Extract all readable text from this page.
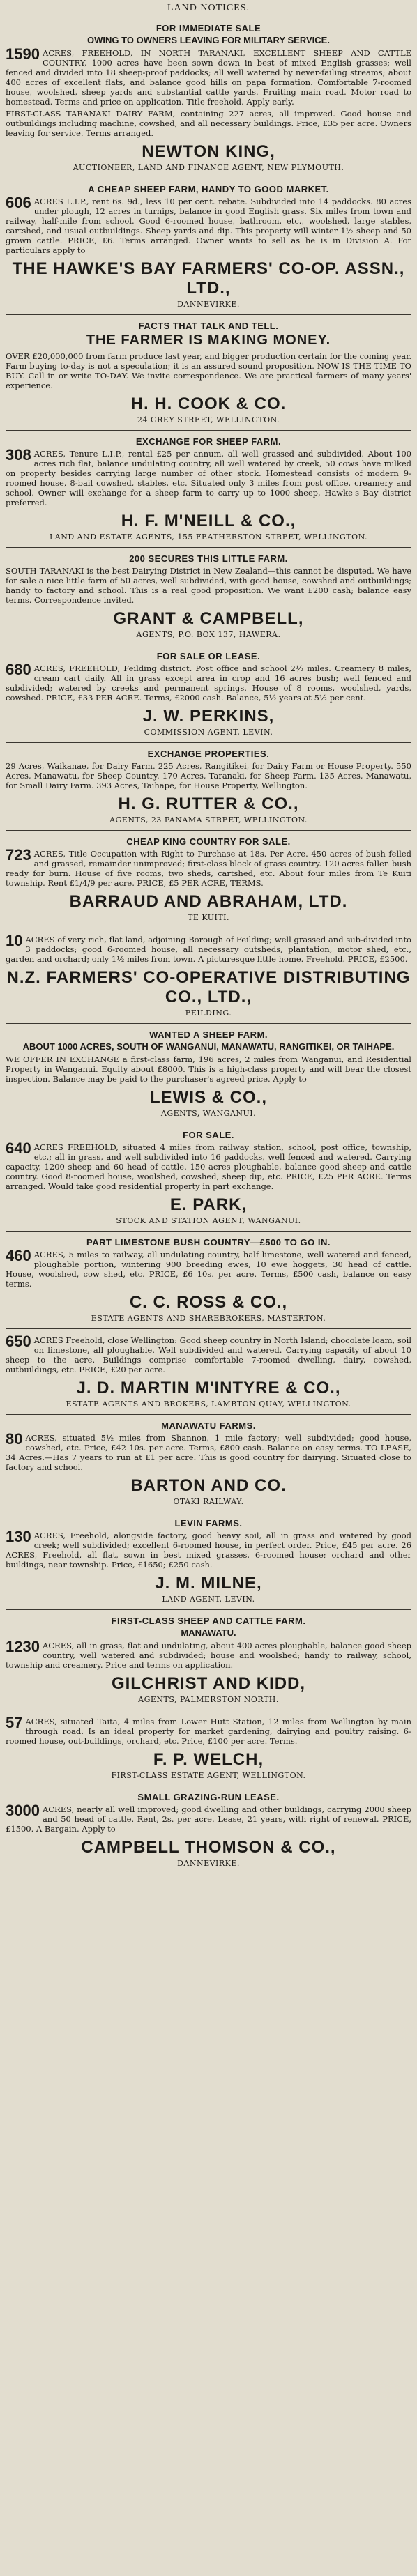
LAND NOTICES.
FOR IMMEDIATE SALE
OWING TO OWNERS LEAVING FOR MILITARY SERVICE.

1590 ACRES, FREEHOLD, IN NORTH TARANAKI, EXCELLENT SHEEP AND CATTLE COUNTRY, 1000 acres have been sown down in best of mixed English grasses; well fenced and divided into 18 sheep-proof paddocks; all well watered by never-failing streams; about 400 acres of excellent flats, and balance good hills on papa formation. Comfortable 7-roomed house, woolshed, sheep yards and substantial cattle yards. Fruiting main road. Motor road to homestead. Terms and price on application. Title freehold. Apply early.

FIRST-CLASS TARANAKI DAIRY FARM, containing 227 acres, all improved. Good house and outbuildings including machine, cowshed, and all necessary buildings. Price, £35 per acre. Owners leaving for service. Terms arranged.

NEWTON KING,
AUCTIONEER, LAND AND FINANCE AGENT, NEW PLYMOUTH.
A CHEAP SHEEP FARM, HANDY TO GOOD MARKET.

606 ACRES L.I.P., rent 6s. 9d., less 10 per cent. rebate. Subdivided into 14 paddocks. 80 acres under plough, 12 acres in turnips, balance in good English grass. Six miles from town and railway, half-mile from school. Good 6-roomed house, bathroom, etc., woolshed, large stables, cartshed, and usual outbuildings. Sheep yards and dip. This property will winter 1½ sheep and 50 grown cattle. PRICE, £6. Terms arranged. Owner wants to sell as he is in Division A. For particulars apply to

THE HAWKE'S BAY FARMERS' CO-OP. ASSN., LTD.,
DANNEVIRKE.
FACTS THAT TALK AND TELL.
THE FARMER IS MAKING MONEY.

OVER £20,000,000 from farm produce last year, and bigger production certain for the coming year. Farm buying to-day is not a speculation; it is an assured sound proposition. NOW IS THE TIME TO BUY. Call in or write TO-DAY. We invite correspondence. We are practical farmers of many years' experience.

H. H. COOK & CO.
24 GREY STREET, WELLINGTON.
EXCHANGE FOR SHEEP FARM.

308 ACRES, Tenure L.I.P., rental £25 per annum, all well grassed and subdivided. About 100 acres rich flat, balance undulating country, all well watered by creek, 50 cows have milked on property besides carrying large number of other stock. Homestead consists of modern 9-roomed house, 8-bail cowshed, stables, etc. Situated only 3 miles from post office, creamery and school. Owner will exchange for a sheep farm to carry up to 1000 sheep, Hawke's Bay district preferred.

H. F. M'NEILL & CO.,
LAND AND ESTATE AGENTS, 155 FEATHERSTON STREET, WELLINGTON.
200 SECURES THIS LITTLE FARM.

SOUTH TARANAKI is the best Dairying District in New Zealand—this cannot be disputed. We have for sale a nice little farm of 50 acres, well subdivided, with good house, cowshed and outbuildings; handy to factory and school. This is a real good proposition. We want £200 cash; balance easy terms. Correspondence invited.

GRANT & CAMPBELL,
AGENTS, P.O. BOX 137, HAWERA.
FOR SALE OR LEASE.

680 ACRES, FREEHOLD, Feilding district. Post office and school 2½ miles. Creamery 8 miles, cream cart daily. All in grass except area in crop and 16 acres bush; well fenced and subdivided; watered by creeks and permanent springs. House of 8 rooms, woolshed, yards, cowshed. PRICE, £33 PER ACRE. Terms, £2000 cash. Balance, 5½ years at 5½ per cent.

J. W. PERKINS,
COMMISSION AGENT, LEVIN.
EXCHANGE PROPERTIES.

29 Acres, Waikanae, for Dairy Farm. 225 Acres, Rangitikei, for Dairy Farm or House Property. 550 Acres, Manawatu, for Sheep Country. 170 Acres, Taranaki, for Sheep Farm. 135 Acres, Manawatu, for Small Dairy Farm. 393 Acres, Taihape, for House Property, Wellington.

H. G. RUTTER & CO.,
AGENTS, 23 PANAMA STREET, WELLINGTON.
CHEAP KING COUNTRY FOR SALE.

723 ACRES, Title Occupation with Right to Purchase at 18s. Per Acre. 450 acres of bush felled and grassed, remainder unimproved; first-class block of grass country. 120 acres fallen bush ready for burn. House of five rooms, two sheds, cartshed, etc. About four miles from Te Kuiti township. Rent £1/4/9 per acre. PRICE, £5 PER ACRE, TERMS.

BARRAUD AND ABRAHAM, LTD.
TE KUITI.

10 ACRES of very rich, flat land, adjoining Borough of Feilding; well grassed and sub-divided into 3 paddocks; good 6-roomed house, all necessary outsheds, plantation, motor shed, etc., garden and orchard; only 1½ miles from town. A picturesque little home. Freehold. PRICE, £2500.

N.Z. FARMERS' CO-OPERATIVE DISTRIBUTING CO., LTD.,
FEILDING.
WANTED A SHEEP FARM.
ABOUT 1000 ACRES, SOUTH OF WANGANUI, MANAWATU, RANGITIKEI, OR TAIHAPE.

WE OFFER IN EXCHANGE a first-class farm, 196 acres, 2 miles from Wanganui, and Residential Property in Wanganui. Equity about £8000. This is a high-class property and will bear the closest inspection. Balance may be paid to the purchaser's agreed price. Apply to

LEWIS & CO.,
AGENTS, WANGANUI.
FOR SALE.

640 ACRES FREEHOLD, situated 4 miles from railway station, school, post office, township, etc.; all in grass, and well subdivided into 16 paddocks, well fenced and watered. Carrying capacity, 1200 sheep and 60 head of cattle. 150 acres ploughable, balance good sheep and cattle country. Good 8-roomed house, woolshed, cowshed, sheep dip, etc. PRICE, £25 PER ACRE. Terms arranged. Would take good residential property in part exchange.

E. PARK,
STOCK AND STATION AGENT, WANGANUI.
PART LIMESTONE BUSH COUNTRY—£500 TO GO IN.

460 ACRES, 5 miles to railway, all undulating country, half limestone, well watered and fenced, ploughable portion, wintering 900 breeding ewes, 10 ewe hoggets, 30 head of cattle. House, woolshed, cow shed, etc. PRICE, £6 10s. per acre. Terms, £500 cash, balance on easy terms.

C. C. ROSS & CO.,
ESTATE AGENTS AND SHAREBROKERS, MASTERTON.

650 ACRES Freehold, close Wellington: Good sheep country in North Island; chocolate loam, soil on limestone, all ploughable. Well subdivided and watered. Carrying capacity of about 10 sheep to the acre. Buildings comprise comfortable 7-roomed dwelling, dairy, cowshed, outbuildings, etc. PRICE, £20 per acre.

J. D. MARTIN M'INTYRE & CO.,
ESTATE AGENTS AND BROKERS, LAMBTON QUAY, WELLINGTON.
MANAWATU FARMS.

80 ACRES, situated 5½ miles from Shannon, 1 mile factory; well subdivided; good house, cowshed, etc. Price, £42 10s. per acre. Terms, £800 cash. Balance on easy terms. TO LEASE, 34 Acres.—Has 7 years to run at £1 per acre. This is good country for dairying. Situated close to factory and school.

BARTON AND CO.
OTAKI RAILWAY.
LEVIN FARMS.

130 ACRES, Freehold, alongside factory, good heavy soil, all in grass and watered by good creek; well subdivided; excellent 6-roomed house, in perfect order. Price, £45 per acre. 26 ACRES, Freehold, all flat, sown in best mixed grasses, 6-roomed house; orchard and other buildings, near township. Price, £1650; £250 cash.

J. M. MILNE,
LAND AGENT, LEVIN.
FIRST-CLASS SHEEP AND CATTLE FARM.
MANAWATU.

1230 ACRES, all in grass, flat and undulating, about 400 acres ploughable, balance good sheep country, well watered and subdivided; house and woolshed; handy to railway, school, township and creamery. Price and terms on application.

GILCHRIST AND KIDD,
AGENTS, PALMERSTON NORTH.

57 ACRES, situated Taita, 4 miles from Lower Hutt Station, 12 miles from Wellington by main through road. Is an ideal property for market gardening, dairying and poultry raising. 6-roomed house, out-buildings, orchard, etc. Price, £100 per acre. Terms.

F. P. WELCH,
FIRST-CLASS ESTATE AGENT, WELLINGTON.
SMALL GRAZING-RUN LEASE.

3000 ACRES, nearly all well improved; good dwelling and other buildings, carrying 2000 sheep and 50 head of cattle. Rent, 2s. per acre. Lease, 21 years, with right of renewal. PRICE, £1500. A Bargain. Apply to

CAMPBELL THOMSON & CO.,
DANNEVIRKE.
